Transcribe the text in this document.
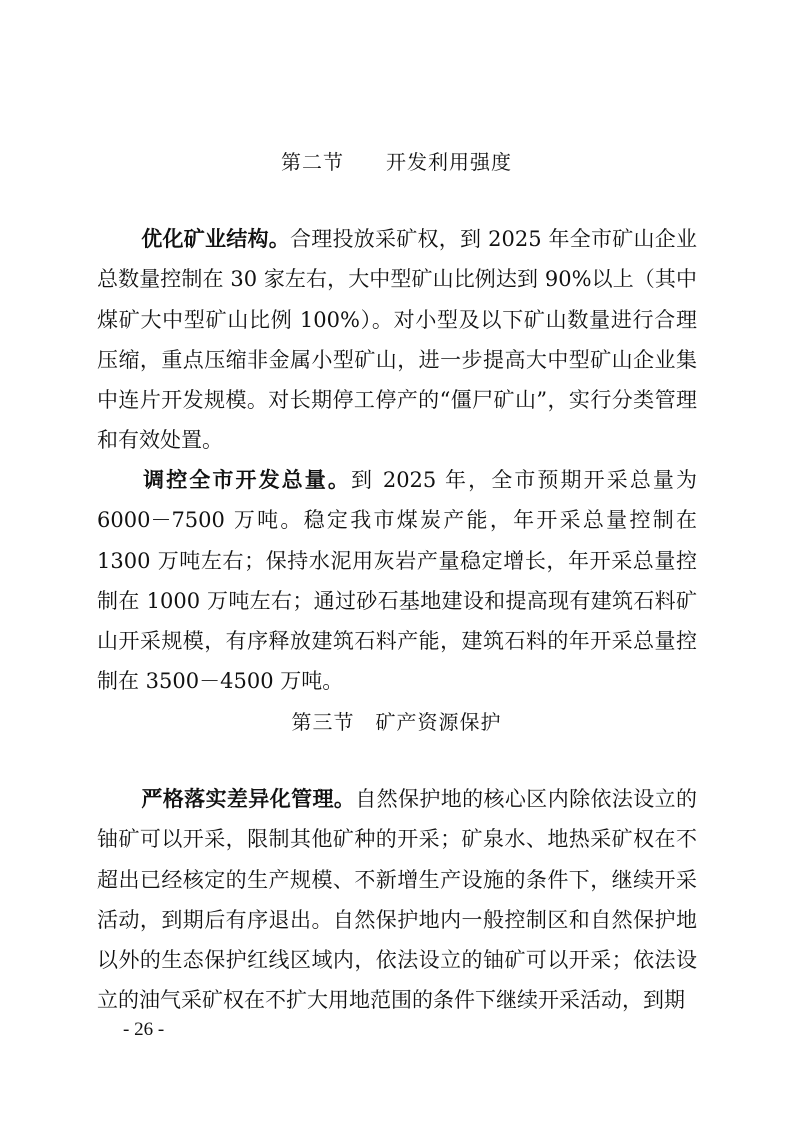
第二节　　开发利用强度
优化矿业结构。合理投放采矿权，到 2025 年全市矿山企业总数量控制在 30 家左右，大中型矿山比例达到 90%以上（其中煤矿大中型矿山比例 100%）。对小型及以下矿山数量进行合理压缩，重点压缩非金属小型矿山，进一步提高大中型矿山企业集中连片开发规模。对长期停工停产的“僵尸矿山”，实行分类管理和有效处置。
调控全市开发总量。到 2025 年，全市预期开采总量为 6000－7500 万吨。稳定我市煤炭产能，年开采总量控制在 1300 万吨左右；保持水泥用灰岩产量稳定增长，年开采总量控制在 1000 万吨左右；通过砂石基地建设和提高现有建筑石料矿山开采规模，有序释放建筑石料产能，建筑石料的年开采总量控制在 3500－4500 万吨。
第三节　矿产资源保护
严格落实差异化管理。自然保护地的核心区内除依法设立的铀矿可以开采，限制其他矿种的开采；矿泉水、地热采矿权在不超出已经核定的生产规模、不新增生产设施的条件下，继续开采活动，到期后有序退出。自然保护地内一般控制区和自然保护地以外的生态保护红线区域内，依法设立的铀矿可以开采；依法设立的油气采矿权在不扩大用地范围的条件下继续开采活动，到期
- 26 -
